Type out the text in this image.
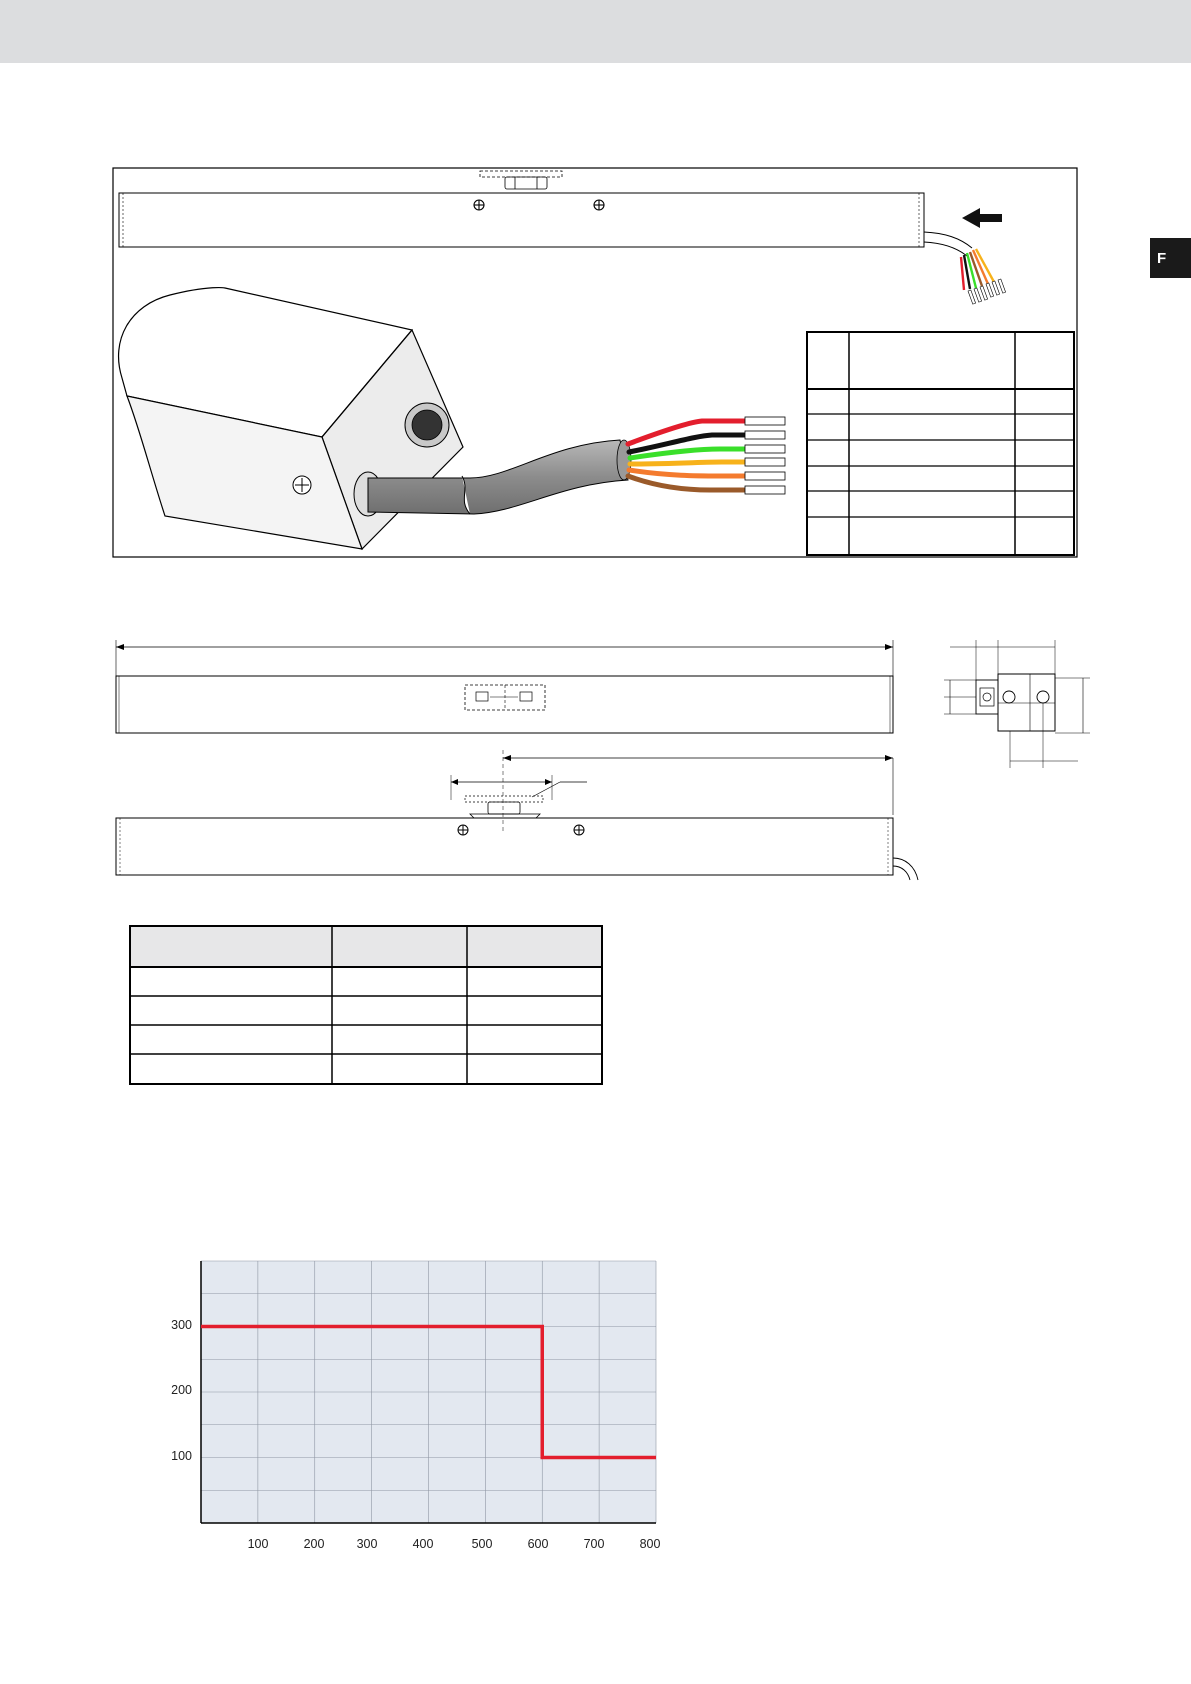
F
300
200
100
100	200	300	400	500	600	700	800
